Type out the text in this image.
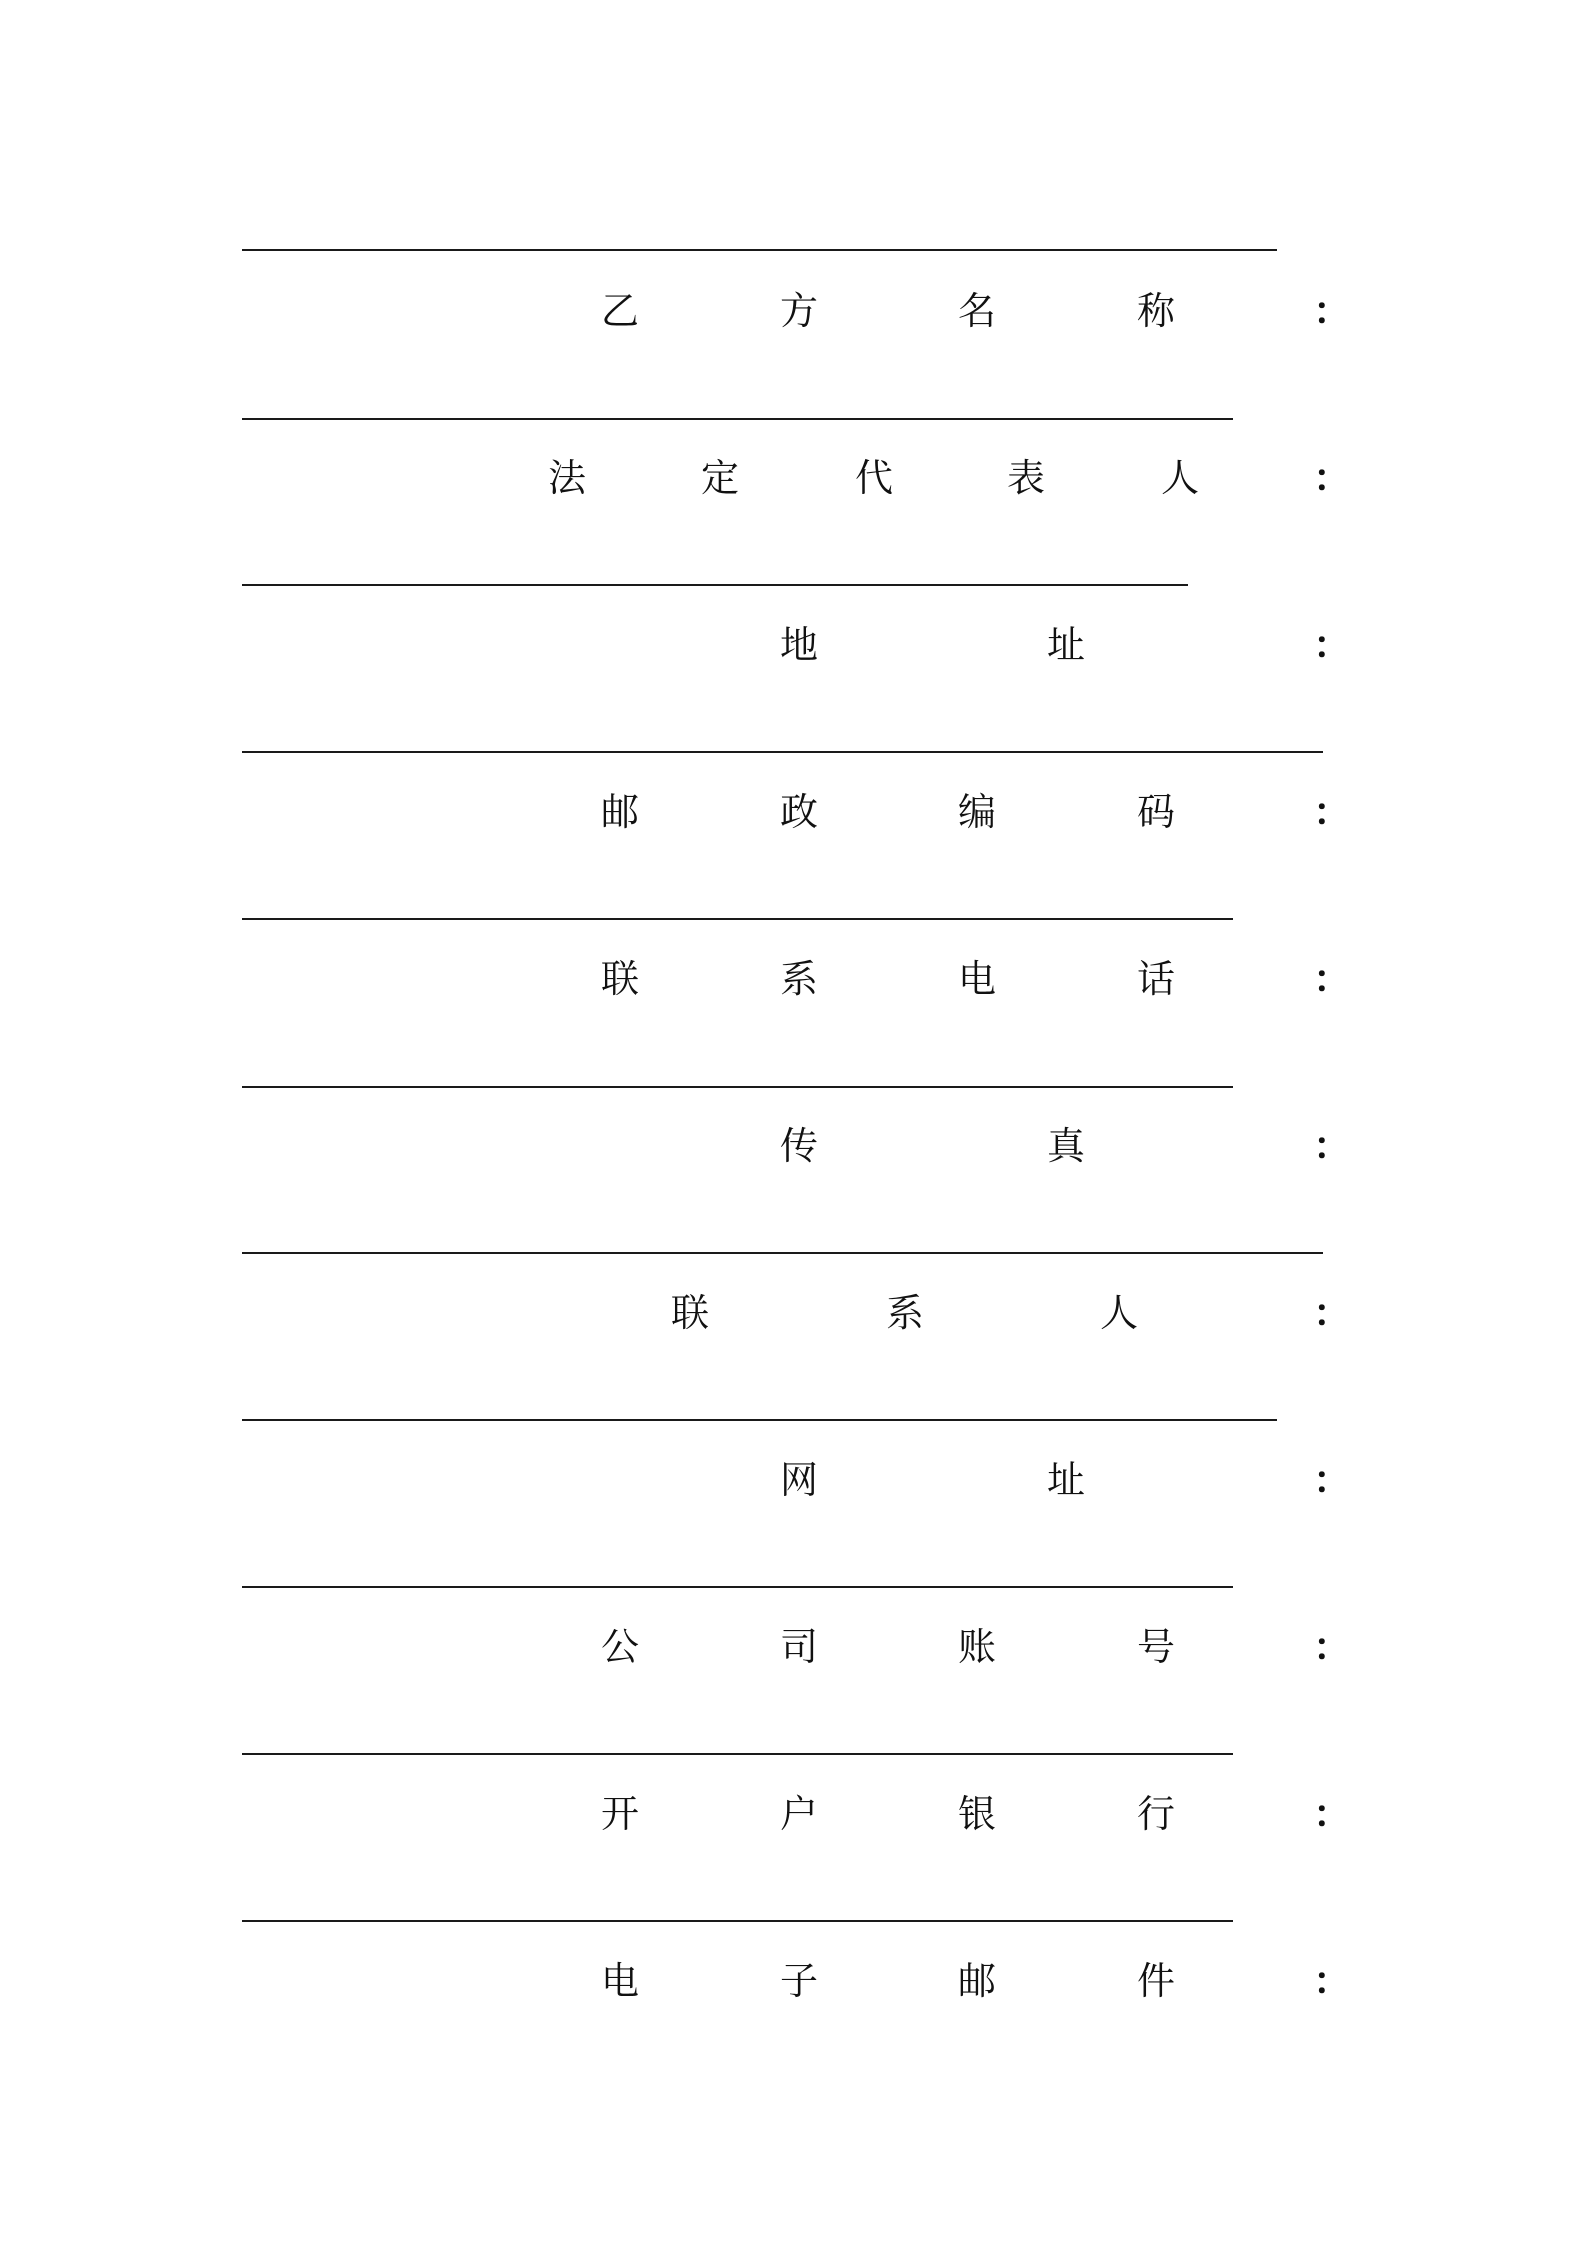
乙	方	名	称	：
法	定	代	表	人	：
地	址	：
邮	政	编	码	：
联	系	电	话	：
传	真	：
联	系	人	：
网	址	：
公	司	账	号	：
开	户	银	行	：
电	子	邮	件	：
